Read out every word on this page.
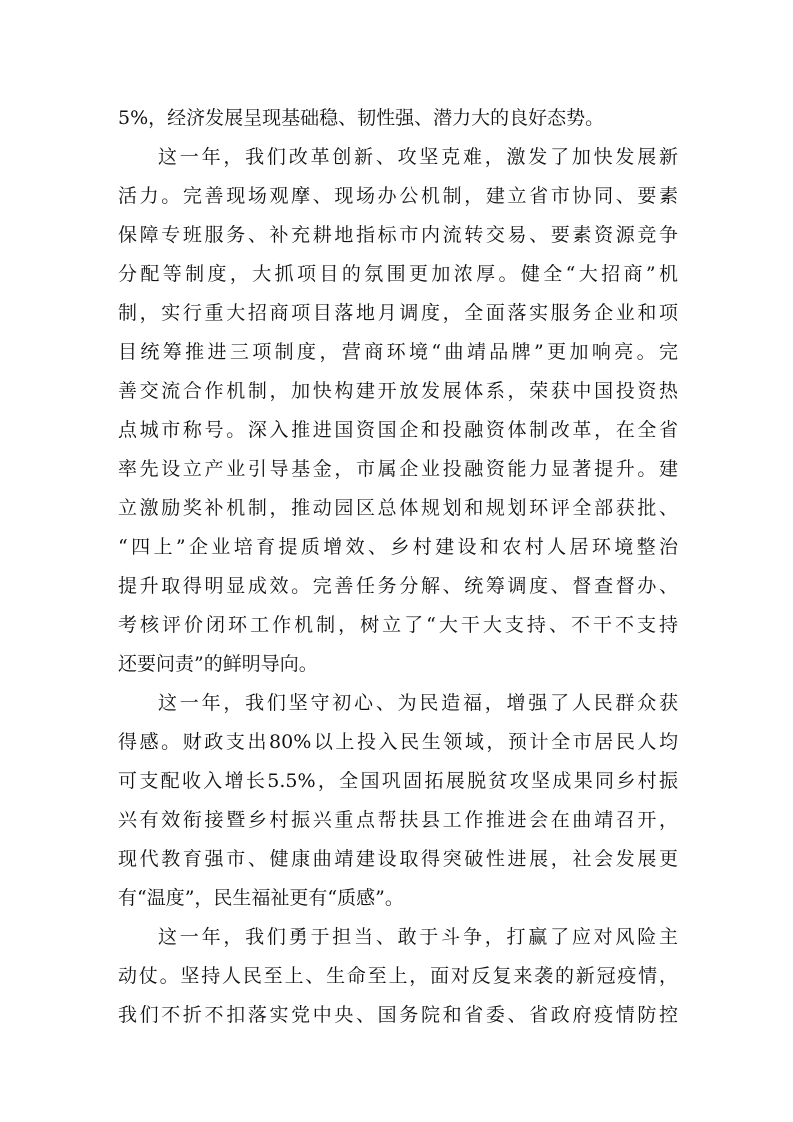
5%，经济发展呈现基础稳、韧性强、潜力大的良好态势。
这一年，我们改革创新、攻坚克难，激发了加快发展新
活力。完善现场观摩、现场办公机制，建立省市协同、要素
保障专班服务、补充耕地指标市内流转交易、要素资源竞争
分配等制度，大抓项目的氛围更加浓厚。健全“大招商”机
制，实行重大招商项目落地月调度，全面落实服务企业和项
目统筹推进三项制度，营商环境“曲靖品牌”更加响亮。完
善交流合作机制，加快构建开放发展体系，荣获中国投资热
点城市称号。深入推进国资国企和投融资体制改革，在全省
率先设立产业引导基金，市属企业投融资能力显著提升。建
立激励奖补机制，推动园区总体规划和规划环评全部获批、
“四上”企业培育提质增效、乡村建设和农村人居环境整治
提升取得明显成效。完善任务分解、统筹调度、督查督办、
考核评价闭环工作机制，树立了“大干大支持、不干不支持
还要问责”的鲜明导向。
这一年，我们坚守初心、为民造福，增强了人民群众获
得感。财政支出80%以上投入民生领域，预计全市居民人均
可支配收入增长5.5%，全国巩固拓展脱贫攻坚成果同乡村振
兴有效衔接暨乡村振兴重点帮扶县工作推进会在曲靖召开，
现代教育强市、健康曲靖建设取得突破性进展，社会发展更
有“温度”，民生福祉更有“质感”。
这一年，我们勇于担当、敢于斗争，打赢了应对风险主
动仗。坚持人民至上、生命至上，面对反复来袭的新冠疫情，
我们不折不扣落实党中央、国务院和省委、省政府疫情防控
